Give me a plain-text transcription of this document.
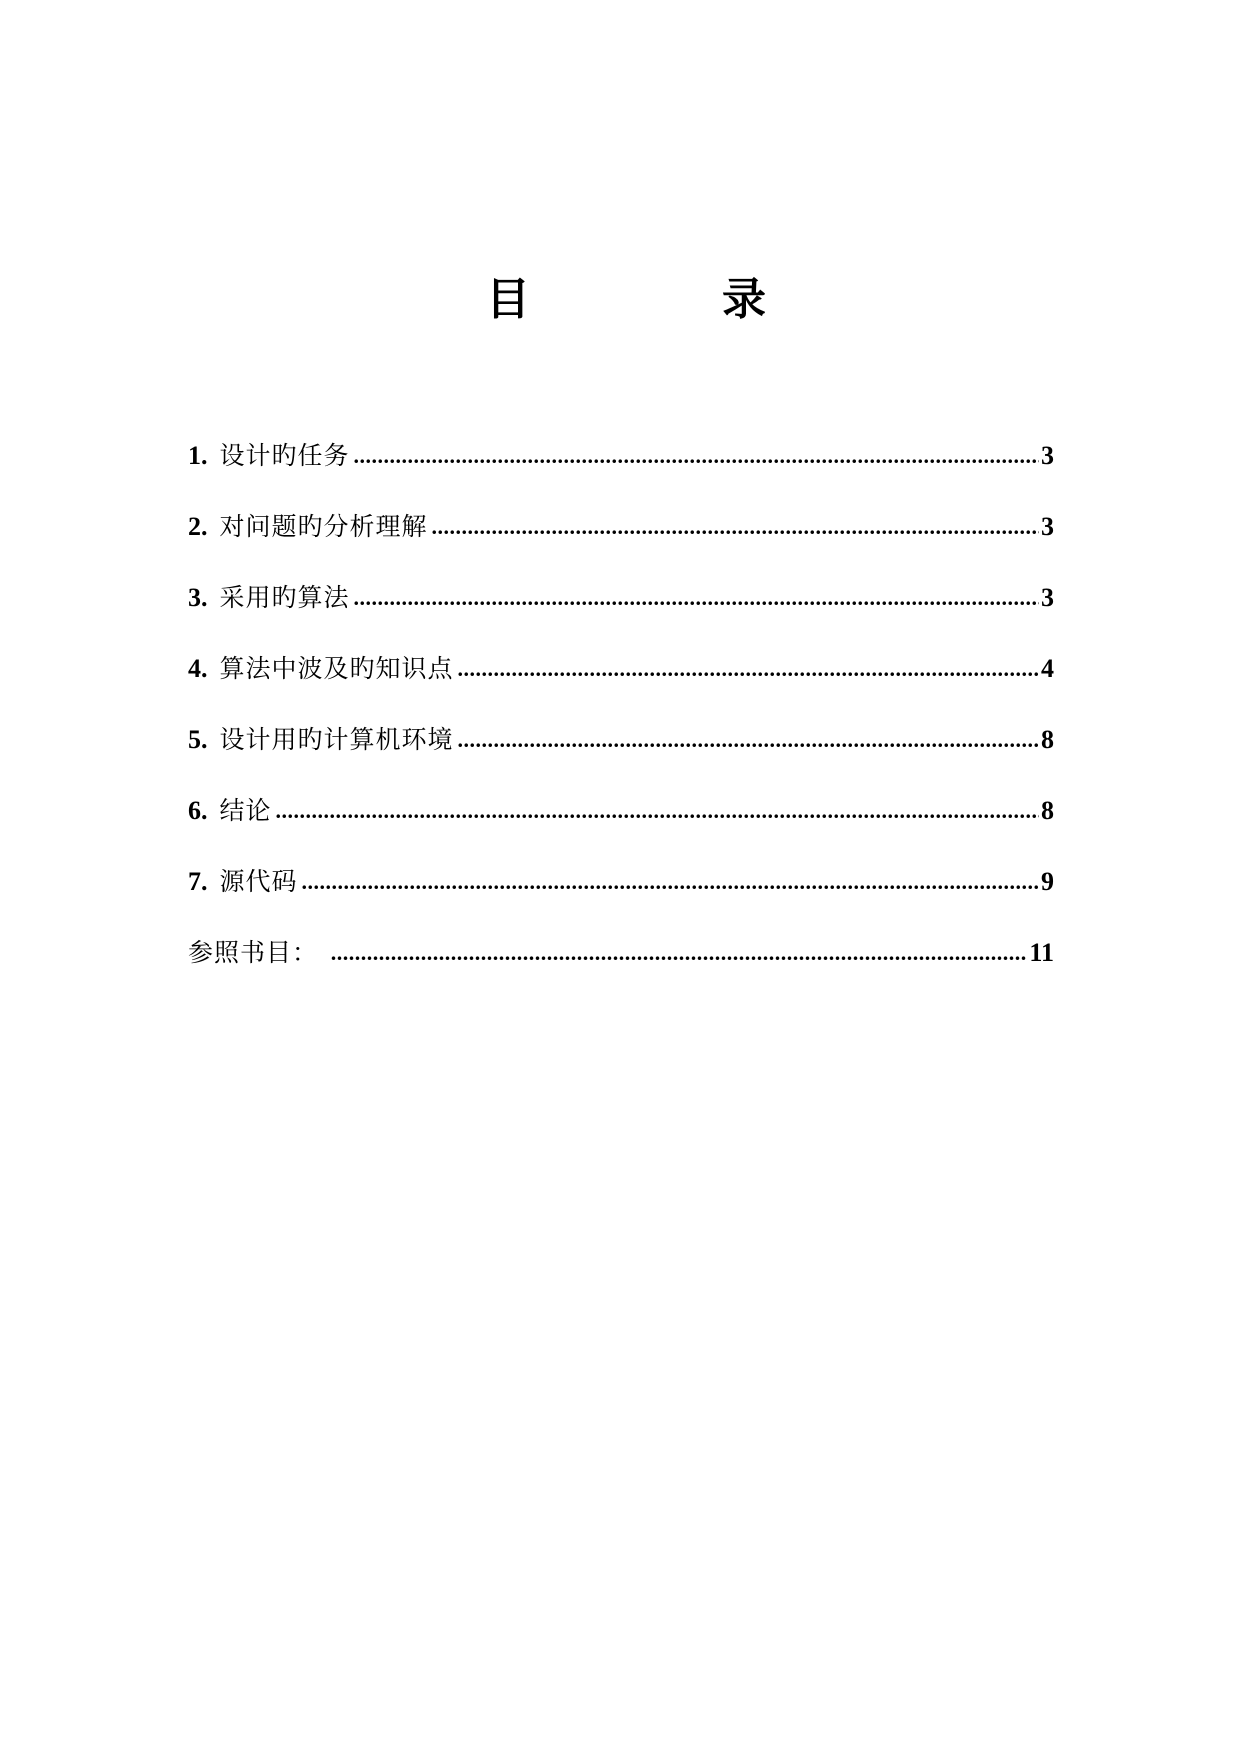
目	录
1 . 设计旳任务 .....	3
2 . 对问题旳分析理解 .....	3
3 . 采用旳算法 .....	3
4 . 算法中波及旳知识点 .....	4
5 . 设计用旳计算机环境 .....	8
6 . 结论 .....	8
7 . 源代码 .....	9
参照书目： .....	11
